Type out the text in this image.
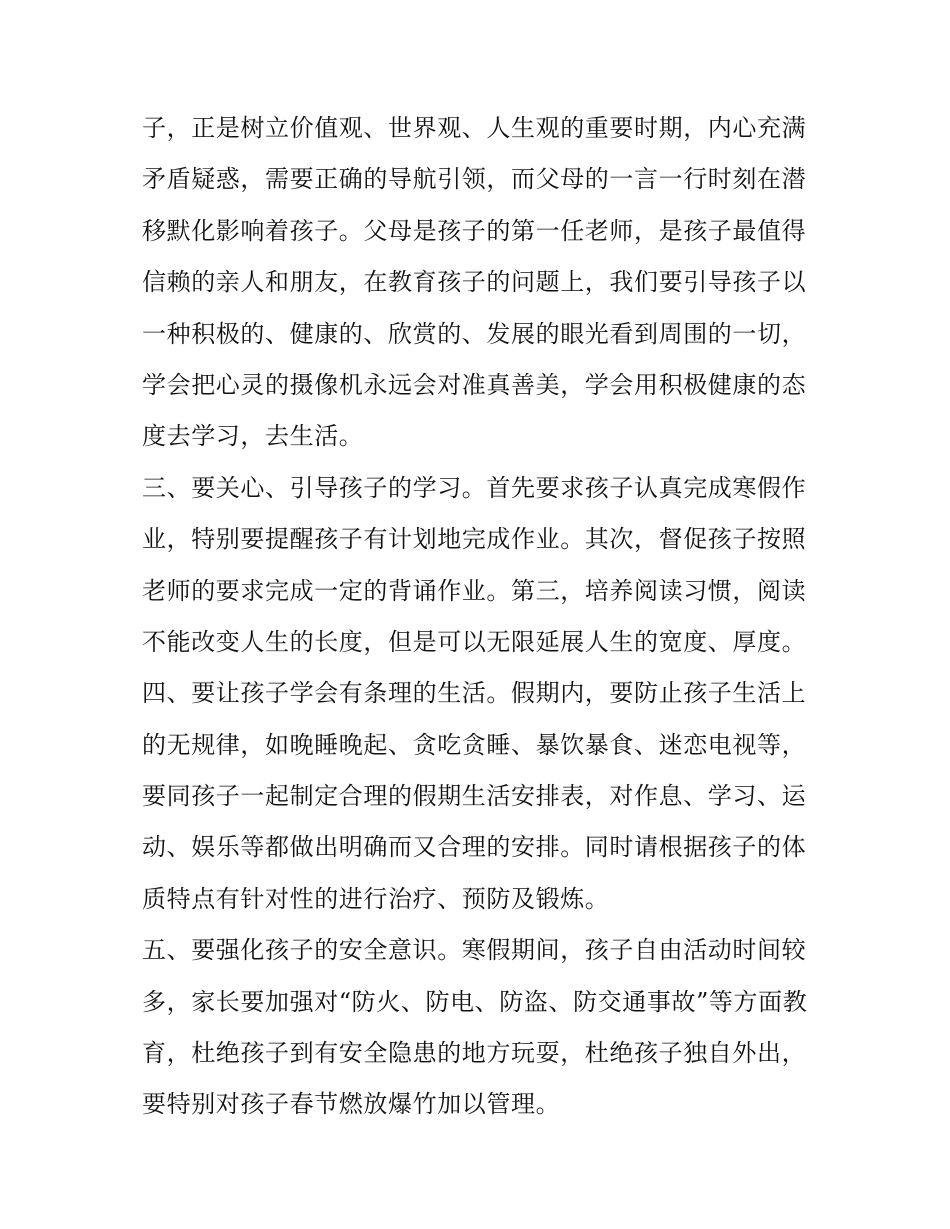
子，正是树立价值观、世界观、人生观的重要时期，内心充满
矛盾疑惑，需要正确的导航引领，而父母的一言一行时刻在潜
移默化影响着孩子。父母是孩子的第一任老师，是孩子最值得
信赖的亲人和朋友，在教育孩子的问题上，我们要引导孩子以
一种积极的、健康的、欣赏的、发展的眼光看到周围的一切，
学会把心灵的摄像机永远会对准真善美，学会用积极健康的态
度去学习，去生活。
三、要关心、引导孩子的学习。首先要求孩子认真完成寒假作
业，特别要提醒孩子有计划地完成作业。其次，督促孩子按照
老师的要求完成一定的背诵作业。第三，培养阅读习惯，阅读
不能改变人生的长度，但是可以无限延展人生的宽度、厚度。
四、要让孩子学会有条理的生活。假期内，要防止孩子生活上
的无规律，如晚睡晚起、贪吃贪睡、暴饮暴食、迷恋电视等，
要同孩子一起制定合理的假期生活安排表，对作息、学习、运
动、娱乐等都做出明确而又合理的安排。同时请根据孩子的体
质特点有针对性的进行治疗、预防及锻炼。
五、要强化孩子的安全意识。寒假期间，孩子自由活动时间较
多，家长要加强对“防火、防电、防盗、防交通事故”等方面教
育，杜绝孩子到有安全隐患的地方玩耍，杜绝孩子独自外出，
要特别对孩子春节燃放爆竹加以管理。
